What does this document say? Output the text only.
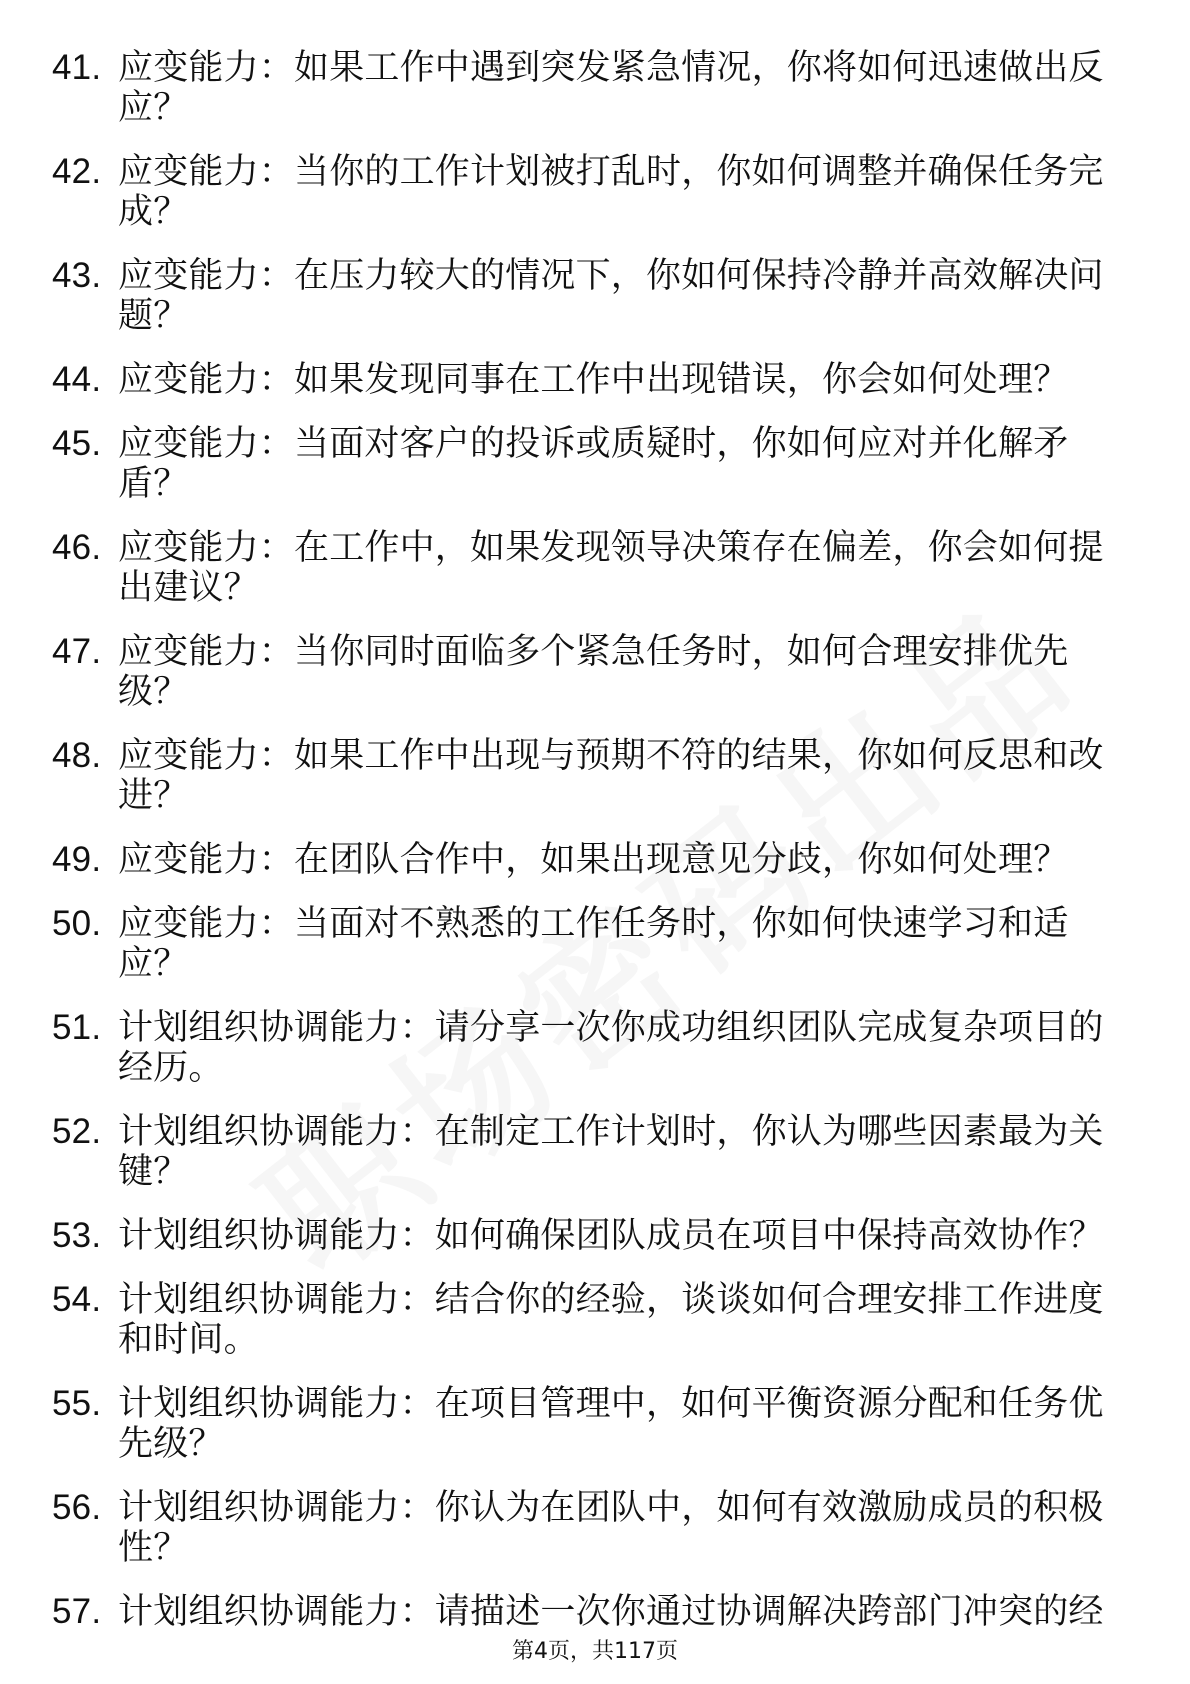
41. 应变能力：如果工作中遇到突发紧急情况，你将如何迅速做出反应？
42. 应变能力：当你的工作计划被打乱时，你如何调整并确保任务完成？
43. 应变能力：在压力较大的情况下，你如何保持冷静并高效解决问题？
44. 应变能力：如果发现同事在工作中出现错误，你会如何处理？
45. 应变能力：当面对客户的投诉或质疑时，你如何应对并化解矛盾？
46. 应变能力：在工作中，如果发现领导决策存在偏差，你会如何提出建议？
47. 应变能力：当你同时面临多个紧急任务时，如何合理安排优先级？
48. 应变能力：如果工作中出现与预期不符的结果，你如何反思和改进？
49. 应变能力：在团队合作中，如果出现意见分歧，你如何处理？
50. 应变能力：当面对不熟悉的工作任务时，你如何快速学习和适应？
51. 计划组织协调能力：请分享一次你成功组织团队完成复杂项目的经历。
52. 计划组织协调能力：在制定工作计划时，你认为哪些因素最为关键？
53. 计划组织协调能力：如何确保团队成员在项目中保持高效协作？
54. 计划组织协调能力：结合你的经验，谈谈如何合理安排工作进度和时间。
55. 计划组织协调能力：在项目管理中，如何平衡资源分配和任务优先级？
56. 计划组织协调能力：你认为在团队中，如何有效激励成员的积极性？
57. 计划组织协调能力：请描述一次你通过协调解决跨部门冲突的经
第4页，共117页
